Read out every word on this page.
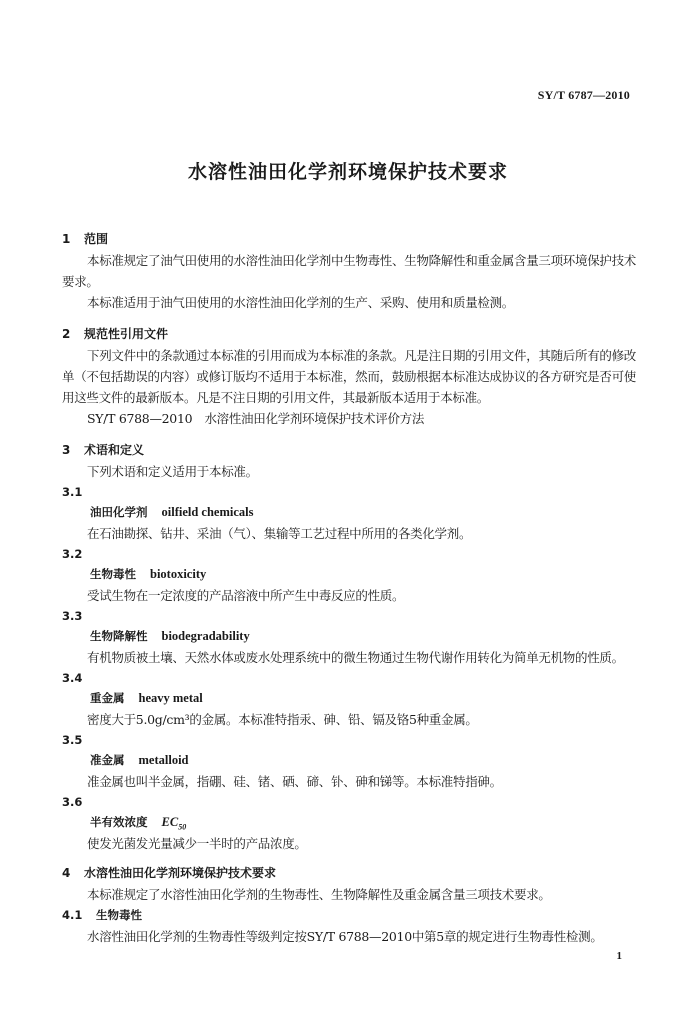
SY/T 6787—2010
水溶性油田化学剂环境保护技术要求
1 范围
本标准规定了油气田使用的水溶性油田化学剂中生物毒性、生物降解性和重金属含量三项环境保护技术要求。
本标准适用于油气田使用的水溶性油田化学剂的生产、采购、使用和质量检测。
2 规范性引用文件
下列文件中的条款通过本标准的引用而成为本标准的条款。凡是注日期的引用文件，其随后所有的修改单（不包括勘误的内容）或修订版均不适用于本标准，然而，鼓励根据本标准达成协议的各方研究是否可使用这些文件的最新版本。凡是不注日期的引用文件，其最新版本适用于本标准。
SY/T 6788—2010　水溶性油田化学剂环境保护技术评价方法
3 术语和定义
下列术语和定义适用于本标准。
3.1
油田化学剂 oilfield chemicals
在石油勘探、钻井、采油（气）、集输等工艺过程中所用的各类化学剂。
3.2
生物毒性 biotoxicity
受试生物在一定浓度的产品溶液中所产生中毒反应的性质。
3.3
生物降解性 biodegradability
有机物质被土壤、天然水体或废水处理系统中的微生物通过生物代谢作用转化为简单无机物的性质。
3.4
重金属 heavy metal
密度大于5.0g/cm³的金属。本标准特指汞、砷、铅、镉及铬5种重金属。
3.5
准金属 metalloid
准金属也叫半金属，指硼、硅、锗、硒、碲、钋、砷和锑等。本标准特指砷。
3.6
半有效浓度 $EC_{50}$
使发光菌发光量减少一半时的产品浓度。
4 水溶性油田化学剂环境保护技术要求
本标准规定了水溶性油田化学剂的生物毒性、生物降解性及重金属含量三项技术要求。
4.1 生物毒性
水溶性油田化学剂的生物毒性等级判定按SY/T 6788—2010中第5章的规定进行生物毒性检测。
1
